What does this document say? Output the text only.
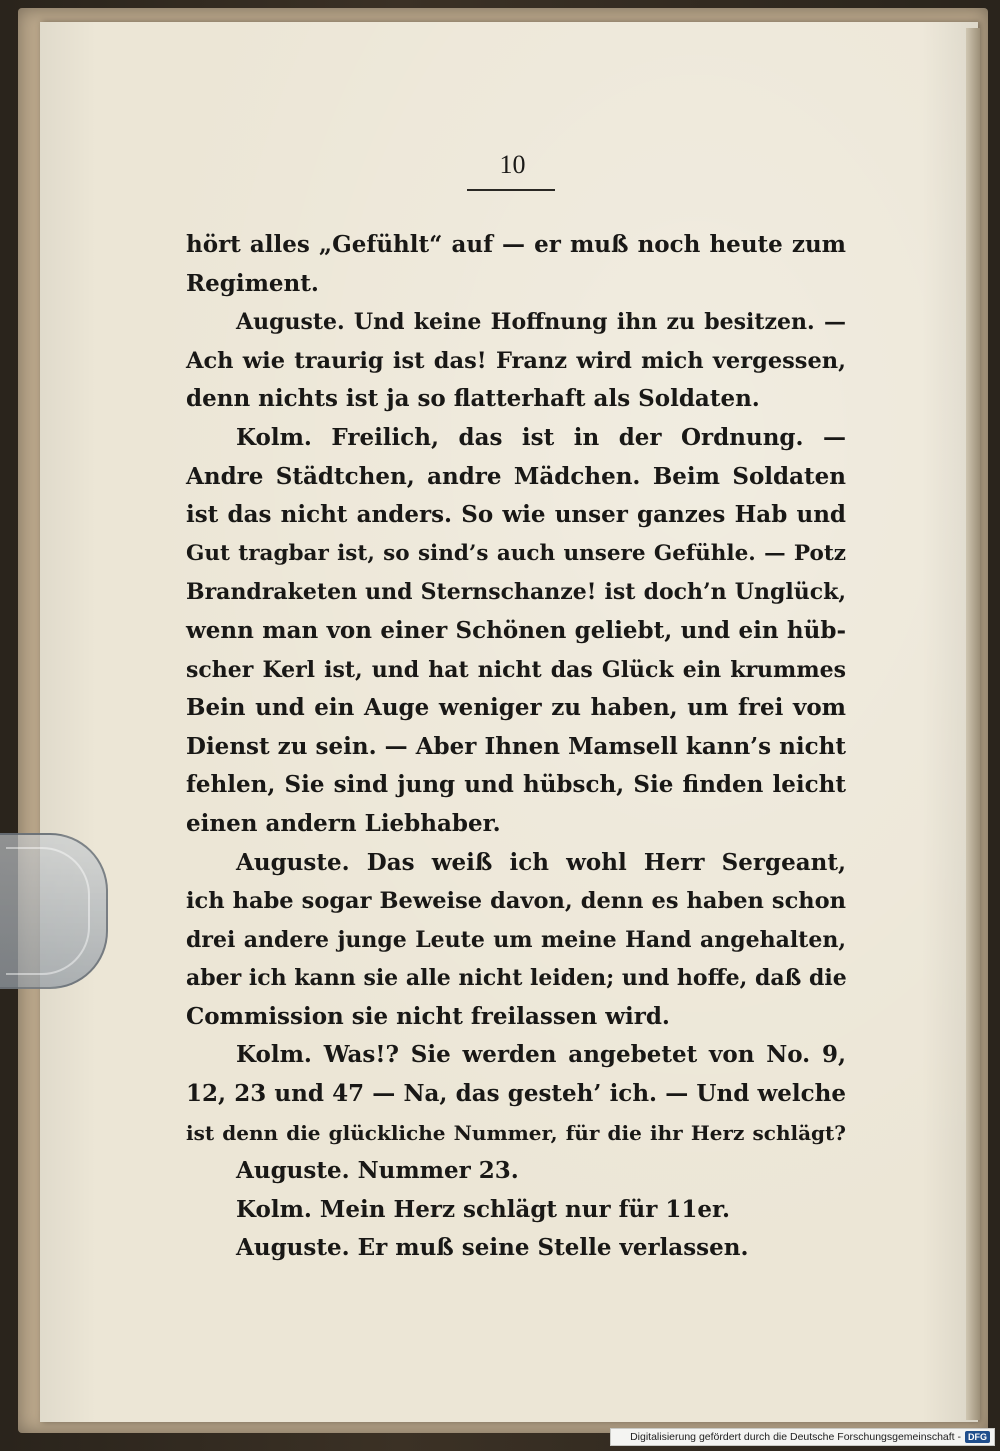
10
hört alles „Gefühlt“ auf — er muß noch heute zum
Regiment.
Auguste. Und keine Hoffnung ihn zu besitzen. —
Ach wie traurig ist das! Franz wird mich vergessen,
denn nichts ist ja so flatterhaft als Soldaten.
Kolm. Freilich, das ist in der Ordnung. —
Andre Städtchen, andre Mädchen. Beim Soldaten
ist das nicht anders. So wie unser ganzes Hab und
Gut tragbar ist, so sind’s auch unsere Gefühle. — Potz
Brandraketen und Sternschanze! ist doch’n Unglück,
wenn man von einer Schönen geliebt, und ein hüb-
scher Kerl ist, und hat nicht das Glück ein krummes
Bein und ein Auge weniger zu haben, um frei vom
Dienst zu sein. — Aber Ihnen Mamsell kann’s nicht
fehlen, Sie sind jung und hübsch, Sie finden leicht
einen andern Liebhaber.
Auguste. Das weiß ich wohl Herr Sergeant,
ich habe sogar Beweise davon, denn es haben schon
drei andere junge Leute um meine Hand angehalten,
aber ich kann sie alle nicht leiden; und hoffe, daß die
Commission sie nicht freilassen wird.
Kolm. Was!? Sie werden angebetet von No. 9,
12, 23 und 47 — Na, das gesteh’ ich. — Und welche
ist denn die glückliche Nummer, für die ihr Herz schlägt?
Auguste. Nummer 23.
Kolm. Mein Herz schlägt nur für 11er.
Auguste. Er muß seine Stelle verlassen.
Digitalisierung gefördert durch die Deutsche Forschungsgemeinschaft - DFG
